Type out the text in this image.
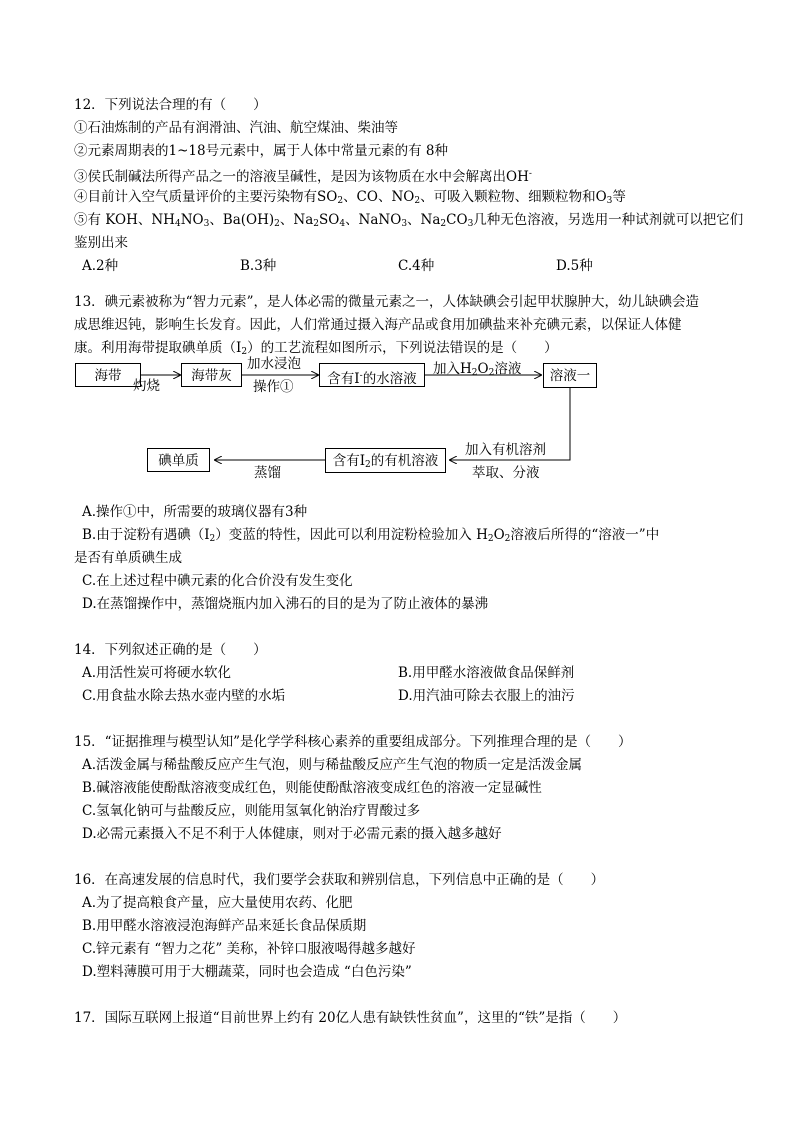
12．下列说法合理的有（　　）
①石油炼制的产品有润滑油、汽油、航空煤油、柴油等
②元素周期表的1~18号元素中，属于人体中常量元素的有 8种
③侯氏制碱法所得产品之一的溶液呈碱性，是因为该物质在水中会解离出OH-
④目前计入空气质量评价的主要污染物有$SO_2$、CO、$NO_2$、可吸入颗粒物、细颗粒物和$O_3$等
⑤有 KOH、$NH_4NO_3$、$Ba(OH)_2$、$Na_2SO_4$、NaNO$_3$、$Na_2CO_3$几种无色溶液，另选用一种试剂就可以把它们
鉴别出来
A.2种	B.3种	C.4种	D.5种
13．碘元素被称为“智力元素”，是人体必需的微量元素之一，人体缺碘会引起甲状腺肿大，幼儿缺碘会造
成思维迟钝，影响生长发育。因此，人们常通过摄入海产品或食用加碘盐来补充碘元素，以保证人体健
康。利用海带提取碘单质$(I_2)$的工艺流程如图所示，下列说法错误的是（　　）
海带	海带灰	含有I-的水溶液	溶液一
含有$I_2$的有机溶液
碘单质
灼烧
加水浸泡
操作①
加入$H_2O_2$溶液
加入有机溶剂
萃取、分液
蒸馏
A.操作①中，所需要的玻璃仪器有3种
B.由于淀粉有遇碘$(I_2)$变蓝的特性，因此可以利用淀粉检验加入 $H_2O_2$溶液后所得的“溶液一”中
是否有单质碘生成
C.在上述过程中碘元素的化合价没有发生变化
D.在蒸馏操作中，蒸馏烧瓶内加入沸石的目的是为了防止液体的暴沸
14．下列叙述正确的是（　　）
A.用活性炭可将硬水软化	B.用甲醛水溶液做食品保鲜剂
C.用食盐水除去热水壶内壁的水垢	D.用汽油可除去衣服上的油污
15．“证据推理与模型认知”是化学学科核心素养的重要组成部分。下列推理合理的是（　　）
A.活泼金属与稀盐酸反应产生气泡，则与稀盐酸反应产生气泡的物质一定是活泼金属
B.碱溶液能使酚酞溶液变成红色，则能使酚酞溶液变成红色的溶液一定显碱性
C.氢氧化钠可与盐酸反应，则能用氢氧化钠治疗胃酸过多
D.必需元素摄入不足不利于人体健康，则对于必需元素的摄入越多越好
16．在高速发展的信息时代，我们要学会获取和辨别信息，下列信息中正确的是（　　）
A.为了提高粮食产量，应大量使用农药、化肥
B.用甲醛水溶液浸泡海鲜产品来延长食品保质期
C.锌元素有 “智力之花” 美称，补锌口服液喝得越多越好
D.塑料薄膜可用于大棚蔬菜，同时也会造成 “白色污染”
17．国际互联网上报道“目前世界上约有 20亿人患有缺铁性贫血”，这里的“铁”是指（　　）
